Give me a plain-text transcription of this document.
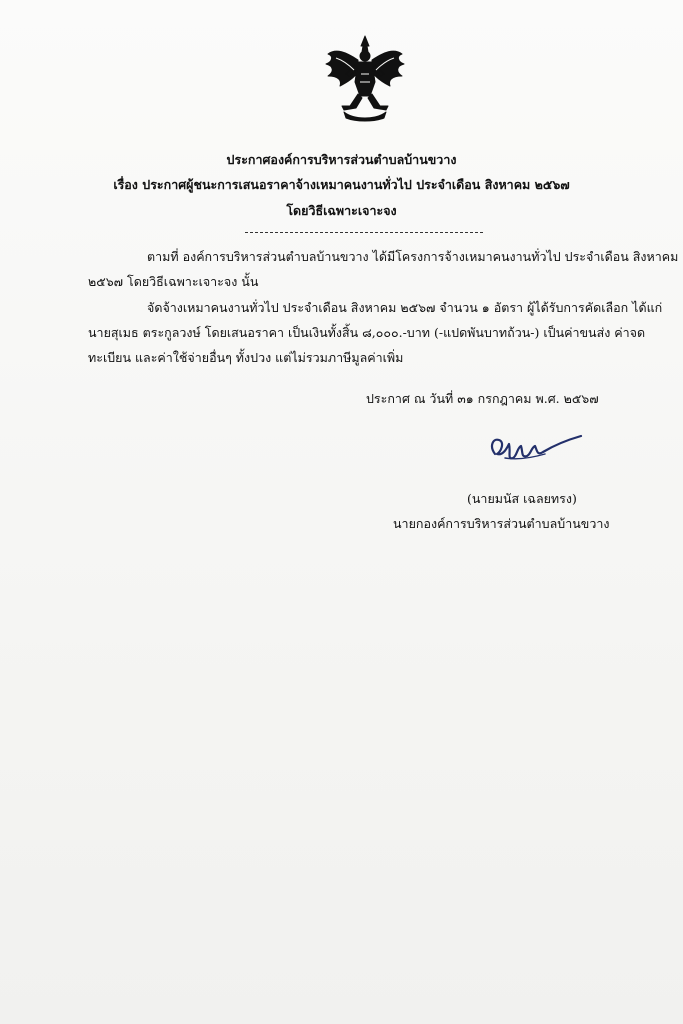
ประกาศองค์การบริหารส่วนตำบลบ้านขวาง
เรื่อง ประกาศผู้ชนะการเสนอราคาจ้างเหมาคนงานทั่วไป ประจำเดือน สิงหาคม ๒๕๖๗
โดยวิธีเฉพาะเจาะจง
ตามที่ องค์การบริหารส่วนตำบลบ้านขวาง ได้มีโครงการจ้างเหมาคนงานทั่วไป ประจำเดือน สิงหาคม
๒๕๖๗ โดยวิธีเฉพาะเจาะจง นั้น
จัดจ้างเหมาคนงานทั่วไป ประจำเดือน สิงหาคม ๒๕๖๗ จำนวน ๑ อัตรา ผู้ได้รับการคัดเลือก ได้แก่
นายสุเมธ ตระกูลวงษ์ โดยเสนอราคา เป็นเงินทั้งสิ้น ๘,๐๐๐.-บาท (-แปดพันบาทถ้วน-) เป็นค่าขนส่ง ค่าจด
ทะเบียน และค่าใช้จ่ายอื่นๆ ทั้งปวง แต่ไม่รวมภาษีมูลค่าเพิ่ม
ประกาศ ณ วันที่ ๓๑ กรกฎาคม พ.ศ. ๒๕๖๗
(นายมนัส เฉลยทรง)
นายกองค์การบริหารส่วนตำบลบ้านขวาง
